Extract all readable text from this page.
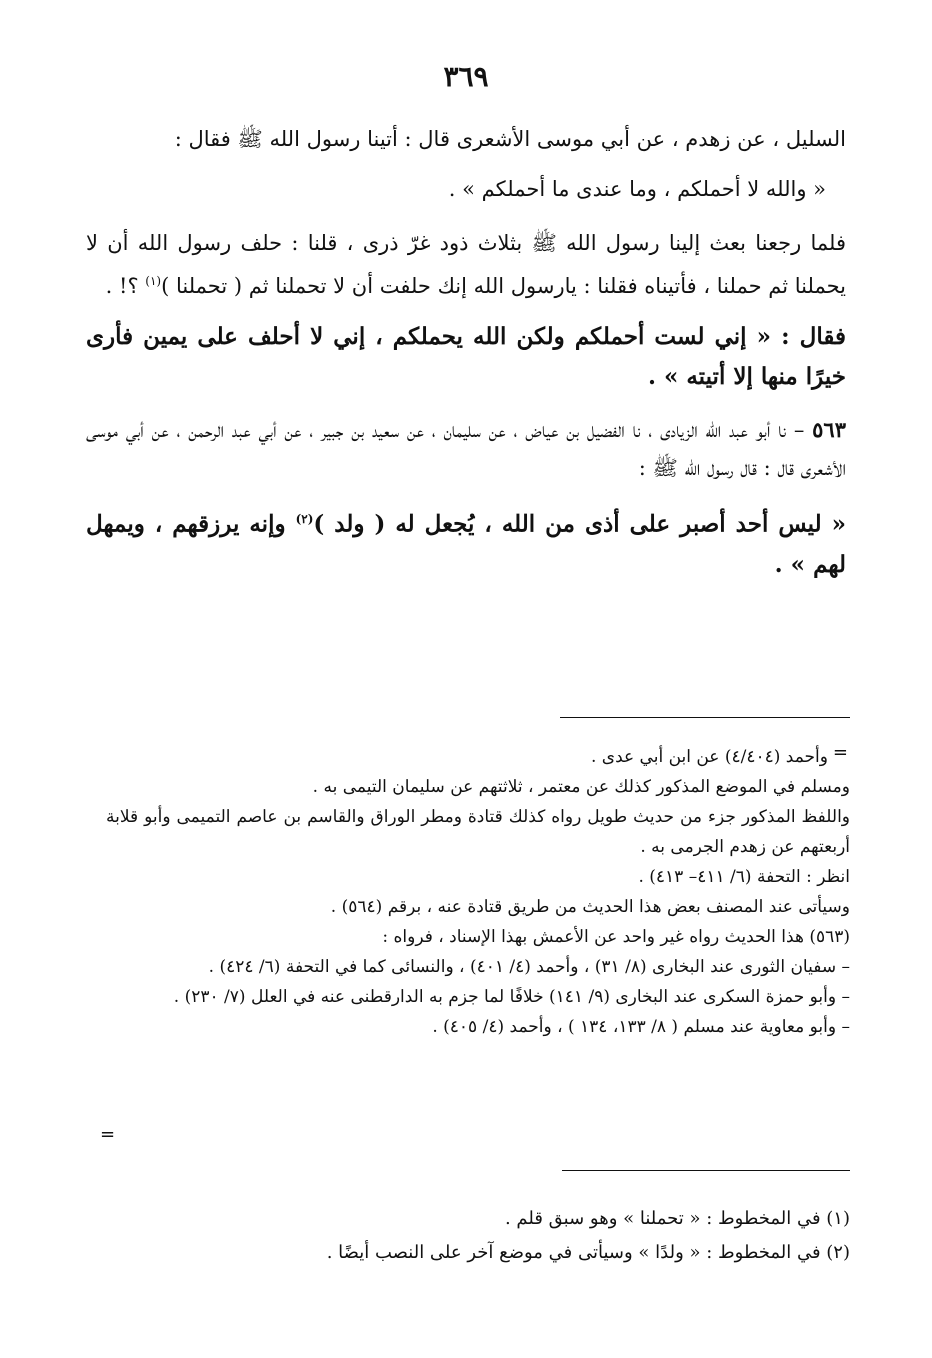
٣٦٩

السليل ، عن زهدم ، عن أبي موسى الأشعرى قال : أتينا رسول الله ﷺ فقال :

« والله لا أحملكم ، وما عندى ما أحملكم » .

فلما رجعنا بعث إلينا رسول الله ﷺ بثلاث ذود غرّ ذرى ، قلنا : حلف رسول الله أن لا يحملنا ثم حملنا ، فأتيناه فقلنا : يارسول الله إنك حلفت أن لا تحملنا ثم ( تحملنا )$^{(١)}$ ؟! .

فقال : « إني لست أحملكم ولكن الله يحملكم ، إني لا أحلف على يمين فأرى خيرًا منها إلا أتيته » .

٥٦٣ – نا أبو عبد الله الزيادى ، نا الفضيل بن عياض ، عن سليمان ، عن سعيد بن جبير ، عن أبي عبد الرحمن ، عن أبي موسى الأشعرى قال : قال رسول الله ﷺ :

« ليس أحد أصبر على أذى من الله ، يُجعل له ( ولد )$^{(٢)}$ وإنه يرزقهم ، ويمهل لهم » .

=
وأحمد (٤/٤٠٤) عن ابن أبي عدى .
ومسلم في الموضع المذكور كذلك عن معتمر ، ثلاثتهم عن سليمان التيمى به .
واللفظ المذكور جزء من حديث طويل رواه كذلك قتادة ومطر الوراق والقاسم بن عاصم التميمى وأبو قلابة أربعتهم عن زهدم الجرمى به .
انظر : التحفة (٦/ ٤١١– ٤١٣) .
وسيأتى عند المصنف بعض هذا الحديث من طريق قتادة عنه ، برقم (٥٦٤) .
(٥٦٣) هذا الحديث رواه غير واحد عن الأعمش بهذا الإسناد ، فرواه :
– سفيان الثورى عند البخارى (٨/ ٣١) ، وأحمد (٤/ ٤٠١) ، والنسائى كما في التحفة (٦/ ٤٢٤) .
– وأبو حمزة السكرى عند البخارى (٩/ ١٤١) خلافًا لما جزم به الدارقطنى عنه في العلل (٧/ ٢٣٠) .
– وأبو معاوية عند مسلم ( ٨/ ١٣٣، ١٣٤ ) ، وأحمد (٤/ ٤٠٥) .
=
(١) في المخطوط : « تحملنا » وهو سبق قلم .
(٢) في المخطوط : « ولدًا » وسيأتى في موضع آخر على النصب أيضًا .
